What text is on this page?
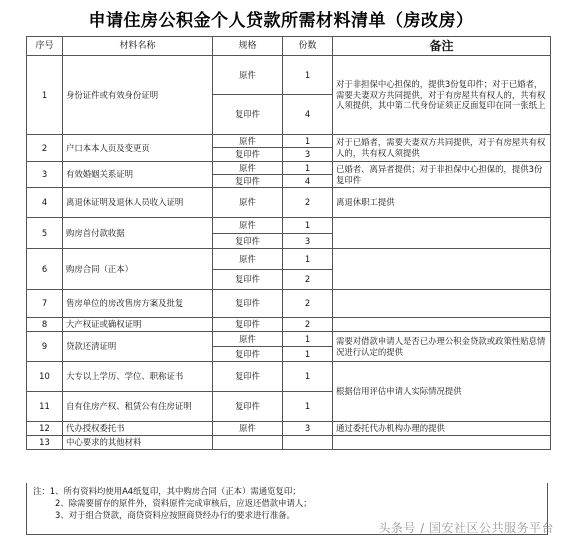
申请住房公积金个人贷款所需材料清单（房改房）
序号	材料名称	规格	份数	备注
1	身份证件或有效身份证明	原件	1	对于非担保中心担保的，提供3份复印件；对于已婚者，需要夫妻双方共同提供，对于有房屋共有权人的，共有权人须提供，其中第二代身份证须正反面复印在同一张纸上
		复印件	4	
2	户口本本人页及变更页	原件	1	对于已婚者，需要夫妻双方共同提供，对于有房屋共有权人的，共有权人须提供
		复印件	3	
3	有效婚姻关系证明	原件	1	已婚者、离异者提供；对于非担保中心担保的，提供3份复印件
		复印件	4	
4	离退休证明及退休人员收入证明	原件	2	离退休职工提供
5	购房首付款收据	原件	1	
		复印件	3	
6	购房合同（正本）	原件	1	
		复印件	2	
7	售房单位的房改售房方案及批复	复印件	2	
8	大产权证或确权证明	复印件	2	
9	贷款还清证明	原件	1	需要对借款申请人是否已办理公积金贷款或政策性贴息情况进行认定的提供
		复印件	1	
10	大专以上学历、学位、职称证书	复印件	1	根据信用评估申请人实际情况提供
11	自有住房产权、租赁公有住房证明	复印件	1	
12	代办授权委托书	原件	3	通过委托代办机构办理的提供
13	中心要求的其他材料			
注：1、所有资料均使用A4纸复印，其中购房合同（正本）需通览复印；
2、除需要留存的原件外，资料原件完成审核后，应返还借款申请人；
3、对于组合贷款，商贷资料应按照商贷经办行的要求进行准备。
头条号 / 国安社区公共服务平台
